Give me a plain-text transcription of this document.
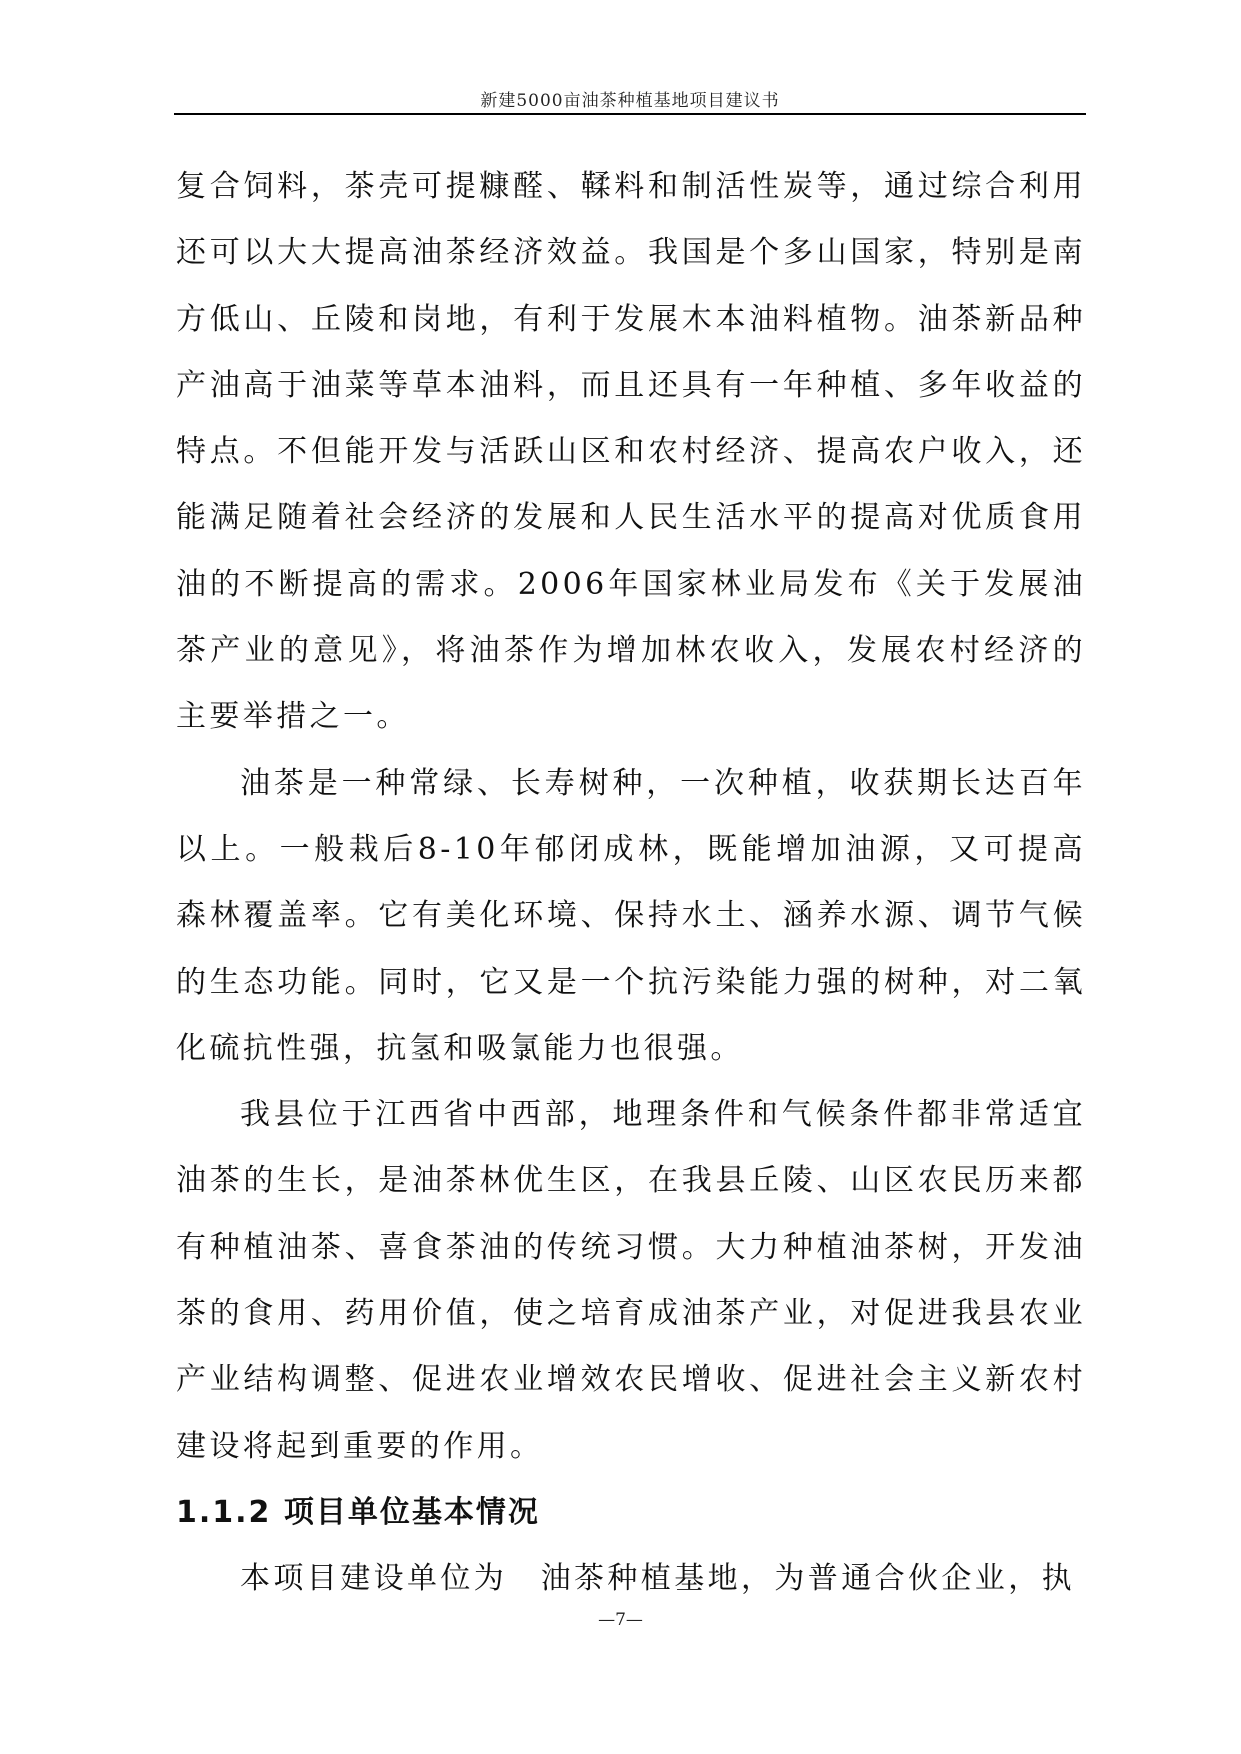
新建5000亩油茶种植基地项目建议书

复合饲料，茶壳可提糠醛、鞣料和制活性炭等，通过综合利用还可以大大提高油茶经济效益。我国是个多山国家，特别是南方低山、丘陵和岗地，有利于发展木本油料植物。油茶新品种产油高于油菜等草本油料，而且还具有一年种植、多年收益的特点。不但能开发与活跃山区和农村经济、提高农户收入，还能满足随着社会经济的发展和人民生活水平的提高对优质食用油的不断提高的需求。2006年国家林业局发布《关于发展油茶产业的意见》，将油茶作为增加林农收入，发展农村经济的主要举措之一。

油茶是一种常绿、长寿树种，一次种植，收获期长达百年以上。一般栽后8-10年郁闭成林，既能增加油源，又可提高森林覆盖率。它有美化环境、保持水土、涵养水源、调节气候的生态功能。同时，它又是一个抗污染能力强的树种，对二氧化硫抗性强，抗氢和吸氯能力也很强。

我县位于江西省中西部，地理条件和气候条件都非常适宜油茶的生长，是油茶林优生区，在我县丘陵、山区农民历来都有种植油茶、喜食茶油的传统习惯。大力种植油茶树，开发油茶的食用、药用价值，使之培育成油茶产业，对促进我县农业产业结构调整、促进农业增效农民增收、促进社会主义新农村建设将起到重要的作用。

1.1.2 项目单位基本情况

本项目建设单位为　油茶种植基地，为普通合伙企业，执

—7—
